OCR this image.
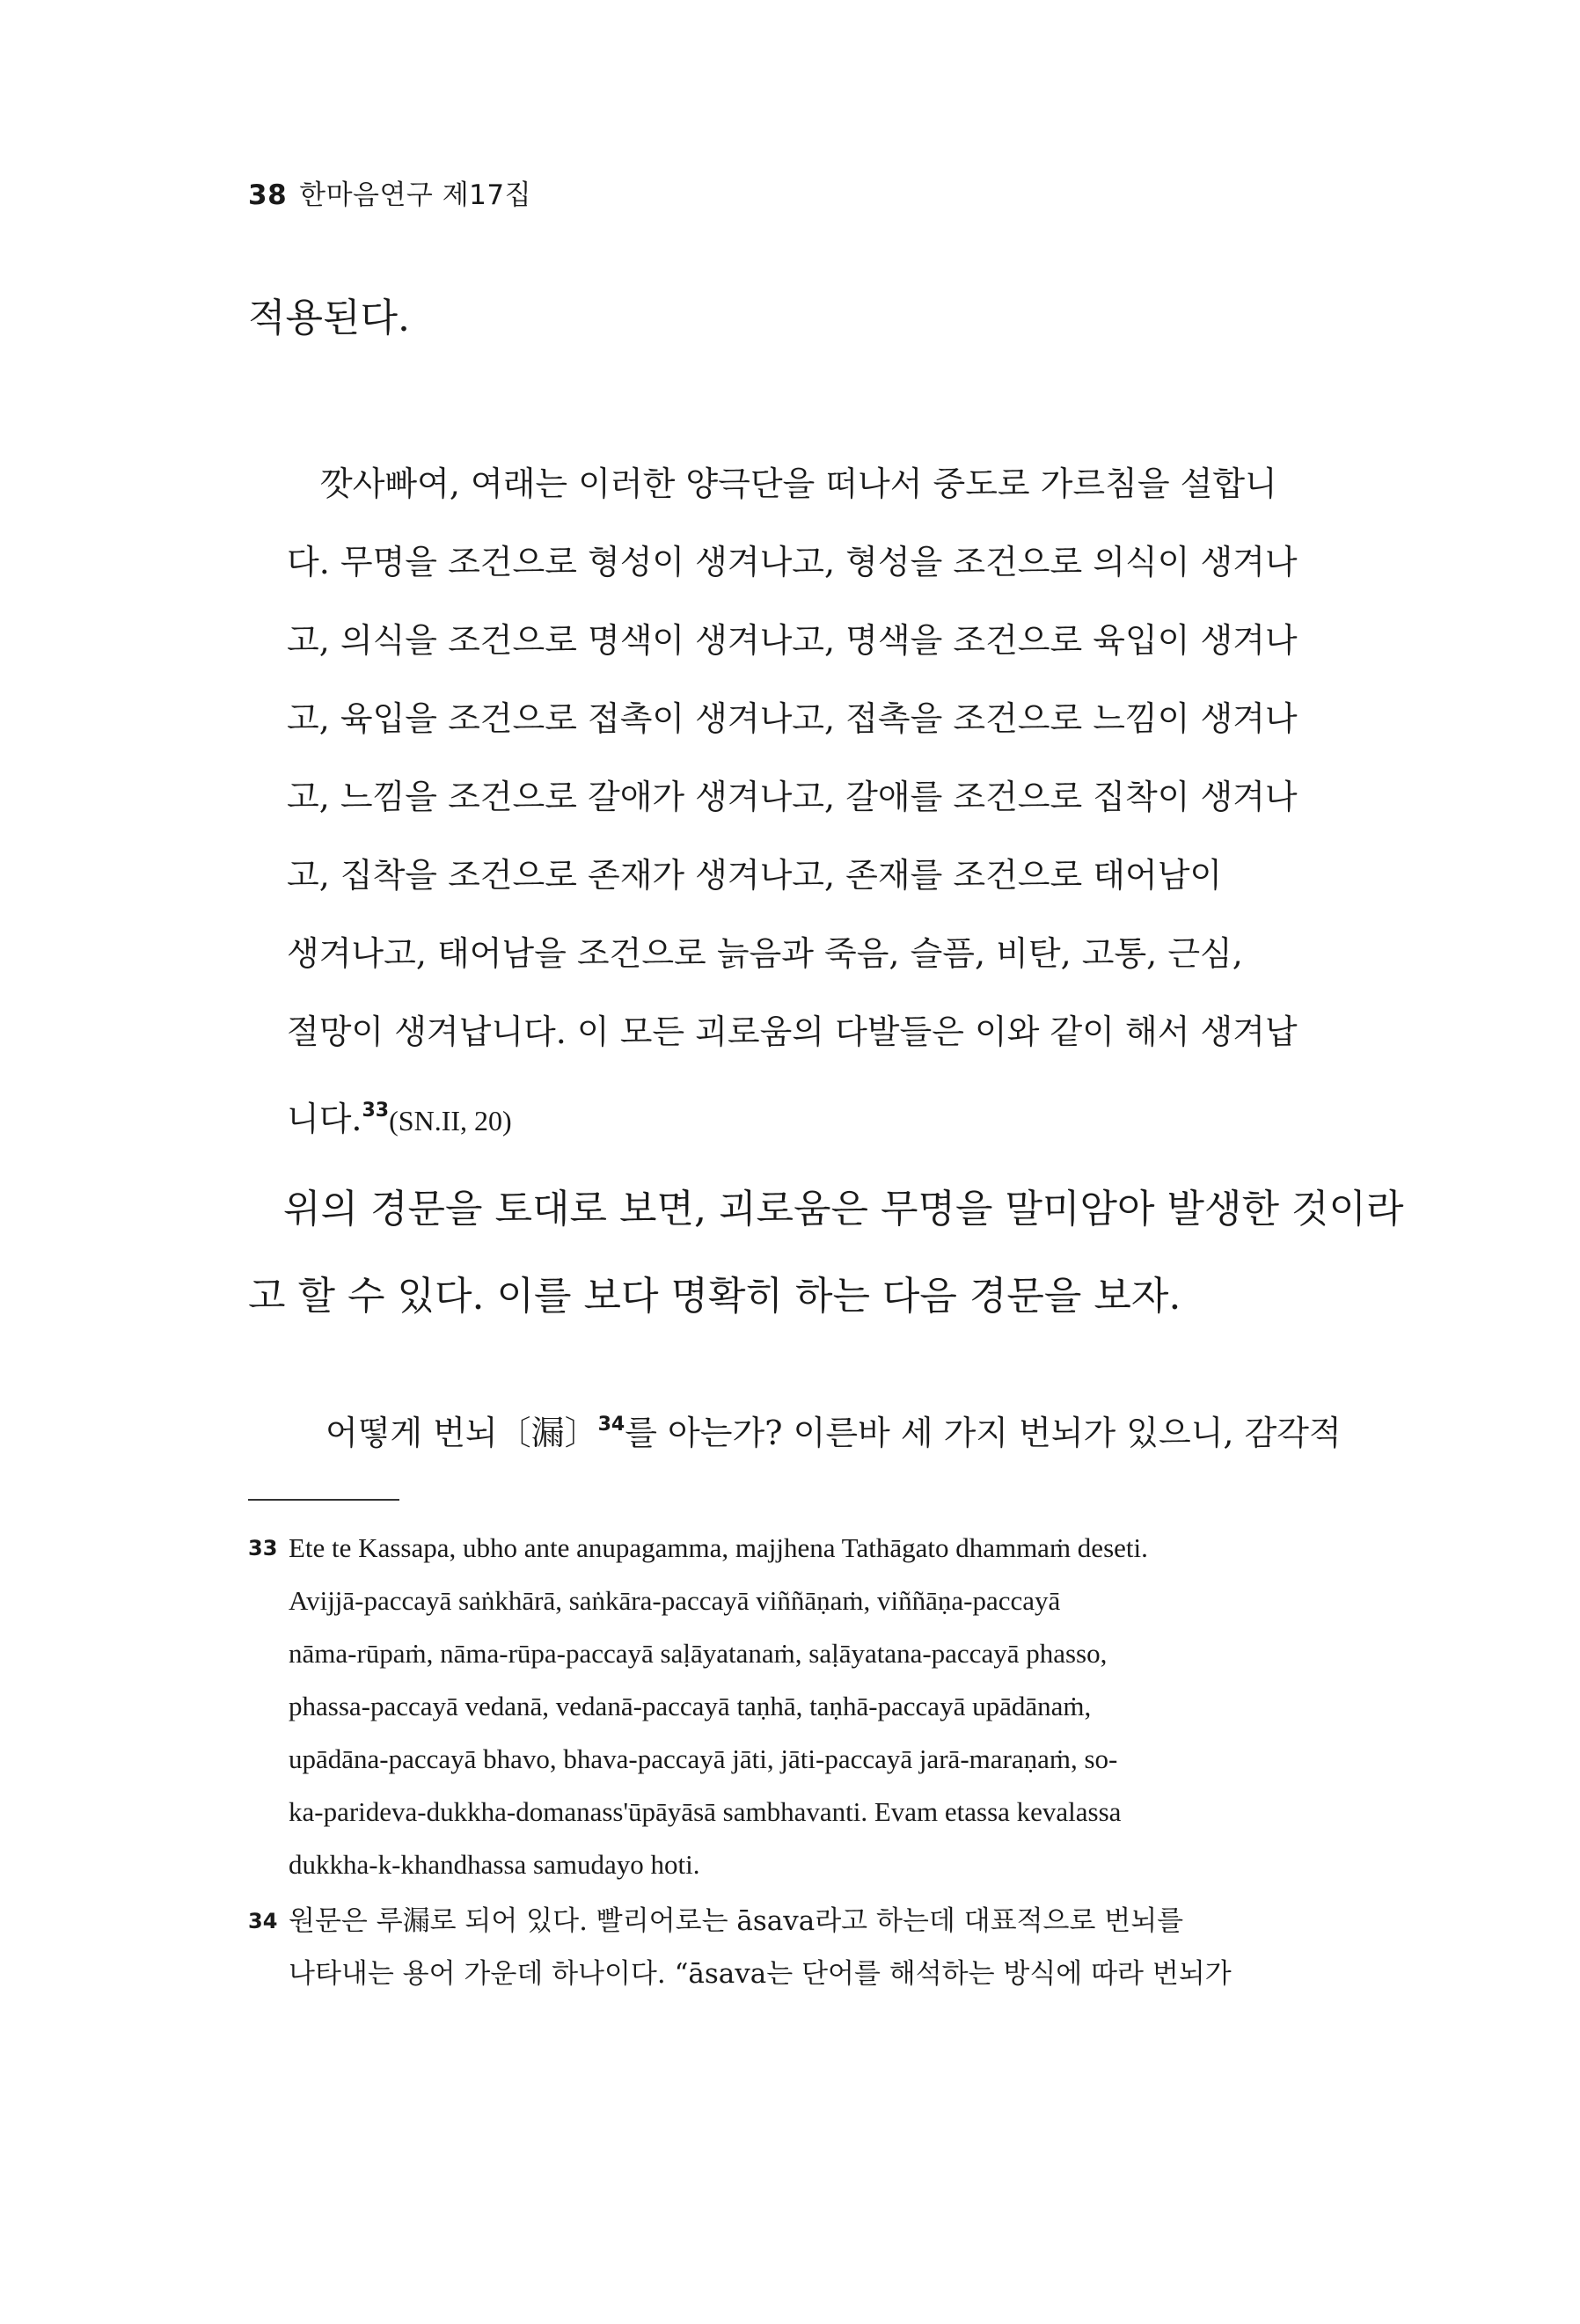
38 한마음연구 제17집
적용된다.
깟사빠여, 여래는 이러한 양극단을 떠나서 중도로 가르침을 설합니
다. 무명을 조건으로 형성이 생겨나고, 형성을 조건으로 의식이 생겨나
고, 의식을 조건으로 명색이 생겨나고, 명색을 조건으로 육입이 생겨나
고, 육입을 조건으로 접촉이 생겨나고, 접촉을 조건으로 느낌이 생겨나
고, 느낌을 조건으로 갈애가 생겨나고, 갈애를 조건으로 집착이 생겨나
고, 집착을 조건으로 존재가 생겨나고, 존재를 조건으로 태어남이
생겨나고, 태어남을 조건으로 늙음과 죽음, 슬픔, 비탄, 고통, 근심,
절망이 생겨납니다. 이 모든 괴로움의 다발들은 이와 같이 해서 생겨납
니다.$^{33}$(SN.II, 20)
위의 경문을 토대로 보면, 괴로움은 무명을 말미암아 발생한 것이라
고 할 수 있다. 이를 보다 명확히 하는 다음 경문을 보자.
어떻게 번뇌〔漏〕$^{34}$를 아는가? 이른바 세 가지 번뇌가 있으니, 감각적
33 Ete te Kassapa, ubho ante anupagamma, majjhena Tathāgato dhammaṁ deseti.
Avijjā-paccayā saṅkhārā, saṅkāra-paccayā viññāṇaṁ, viññāṇa-paccayā
nāma-rūpaṁ, nāma-rūpa-paccayā saḷāyatanaṁ, saḷāyatana-paccayā phasso,
phassa-paccayā vedanā, vedanā-paccayā taṇhā, taṇhā-paccayā upādānaṁ,
upādāna-paccayā bhavo, bhava-paccayā jāti, jāti-paccayā jarā-maraṇaṁ, so-
ka-parideva-dukkha-domanass'ūpāyāsā sambhavanti. Evam etassa kevalassa
dukkha-k-khandhassa samudayo hoti.
34 원문은 루漏로 되어 있다. 빨리어로는 āsava라고 하는데 대표적으로 번뇌를
나타내는 용어 가운데 하나이다. “āsava는 단어를 해석하는 방식에 따라 번뇌가
